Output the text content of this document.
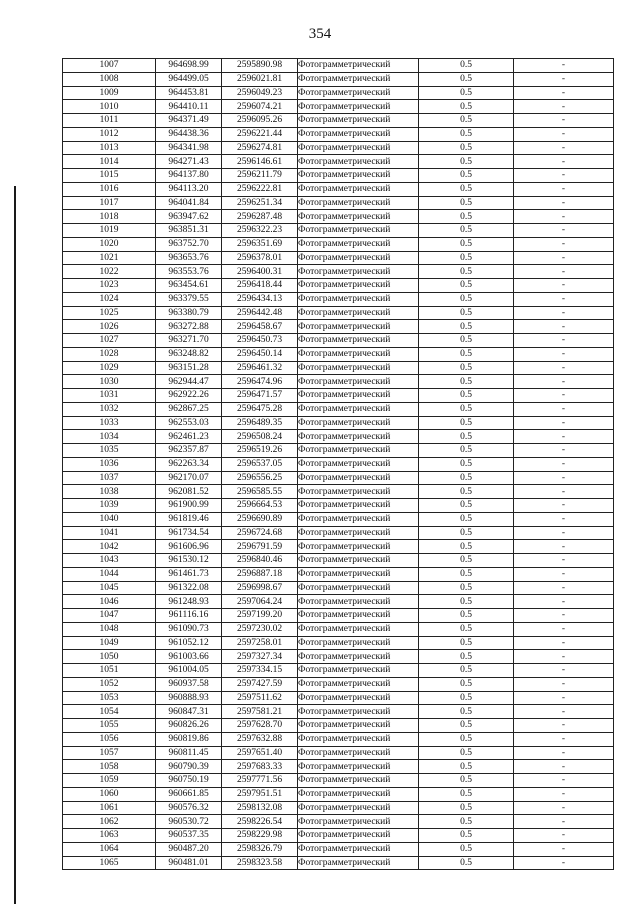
354
1007	964698.99	2595890.98	Фотограмметрический	0.5	-
1008	964499.05	2596021.81	Фотограмметрический	0.5	-
1009	964453.81	2596049.23	Фотограмметрический	0.5	-
1010	964410.11	2596074.21	Фотограмметрический	0.5	-
1011	964371.49	2596095.26	Фотограмметрический	0.5	-
1012	964438.36	2596221.44	Фотограмметрический	0.5	-
1013	964341.98	2596274.81	Фотограмметрический	0.5	-
1014	964271.43	2596146.61	Фотограмметрический	0.5	-
1015	964137.80	2596211.79	Фотограмметрический	0.5	-
1016	964113.20	2596222.81	Фотограмметрический	0.5	-
1017	964041.84	2596251.34	Фотограмметрический	0.5	-
1018	963947.62	2596287.48	Фотограмметрический	0.5	-
1019	963851.31	2596322.23	Фотограмметрический	0.5	-
1020	963752.70	2596351.69	Фотограмметрический	0.5	-
1021	963653.76	2596378.01	Фотограмметрический	0.5	-
1022	963553.76	2596400.31	Фотограмметрический	0.5	-
1023	963454.61	2596418.44	Фотограмметрический	0.5	-
1024	963379.55	2596434.13	Фотограмметрический	0.5	-
1025	963380.79	2596442.48	Фотограмметрический	0.5	-
1026	963272.88	2596458.67	Фотограмметрический	0.5	-
1027	963271.70	2596450.73	Фотограмметрический	0.5	-
1028	963248.82	2596450.14	Фотограмметрический	0.5	-
1029	963151.28	2596461.32	Фотограмметрический	0.5	-
1030	962944.47	2596474.96	Фотограмметрический	0.5	-
1031	962922.26	2596471.57	Фотограмметрический	0.5	-
1032	962867.25	2596475.28	Фотограмметрический	0.5	-
1033	962553.03	2596489.35	Фотограмметрический	0.5	-
1034	962461.23	2596508.24	Фотограмметрический	0.5	-
1035	962357.87	2596519.26	Фотограмметрический	0.5	-
1036	962263.34	2596537.05	Фотограмметрический	0.5	-
1037	962170.07	2596556.25	Фотограмметрический	0.5	-
1038	962081.52	2596585.55	Фотограмметрический	0.5	-
1039	961900.99	2596664.53	Фотограмметрический	0.5	-
1040	961819.46	2596690.89	Фотограмметрический	0.5	-
1041	961734.54	2596724.68	Фотограмметрический	0.5	-
1042	961606.96	2596791.59	Фотограмметрический	0.5	-
1043	961530.12	2596840.46	Фотограмметрический	0.5	-
1044	961461.73	2596887.18	Фотограмметрический	0.5	-
1045	961322.08	2596998.67	Фотограмметрический	0.5	-
1046	961248.93	2597064.24	Фотограмметрический	0.5	-
1047	961116.16	2597199.20	Фотограмметрический	0.5	-
1048	961090.73	2597230.02	Фотограмметрический	0.5	-
1049	961052.12	2597258.01	Фотограмметрический	0.5	-
1050	961003.66	2597327.34	Фотограмметрический	0.5	-
1051	961004.05	2597334.15	Фотограмметрический	0.5	-
1052	960937.58	2597427.59	Фотограмметрический	0.5	-
1053	960888.93	2597511.62	Фотограмметрический	0.5	-
1054	960847.31	2597581.21	Фотограмметрический	0.5	-
1055	960826.26	2597628.70	Фотограмметрический	0.5	-
1056	960819.86	2597632.88	Фотограмметрический	0.5	-
1057	960811.45	2597651.40	Фотограмметрический	0.5	-
1058	960790.39	2597683.33	Фотограмметрический	0.5	-
1059	960750.19	2597771.56	Фотограмметрический	0.5	-
1060	960661.85	2597951.51	Фотограмметрический	0.5	-
1061	960576.32	2598132.08	Фотограмметрический	0.5	-
1062	960530.72	2598226.54	Фотограмметрический	0.5	-
1063	960537.35	2598229.98	Фотограмметрический	0.5	-
1064	960487.20	2598326.79	Фотограмметрический	0.5	-
1065	960481.01	2598323.58	Фотограмметрический	0.5	-
